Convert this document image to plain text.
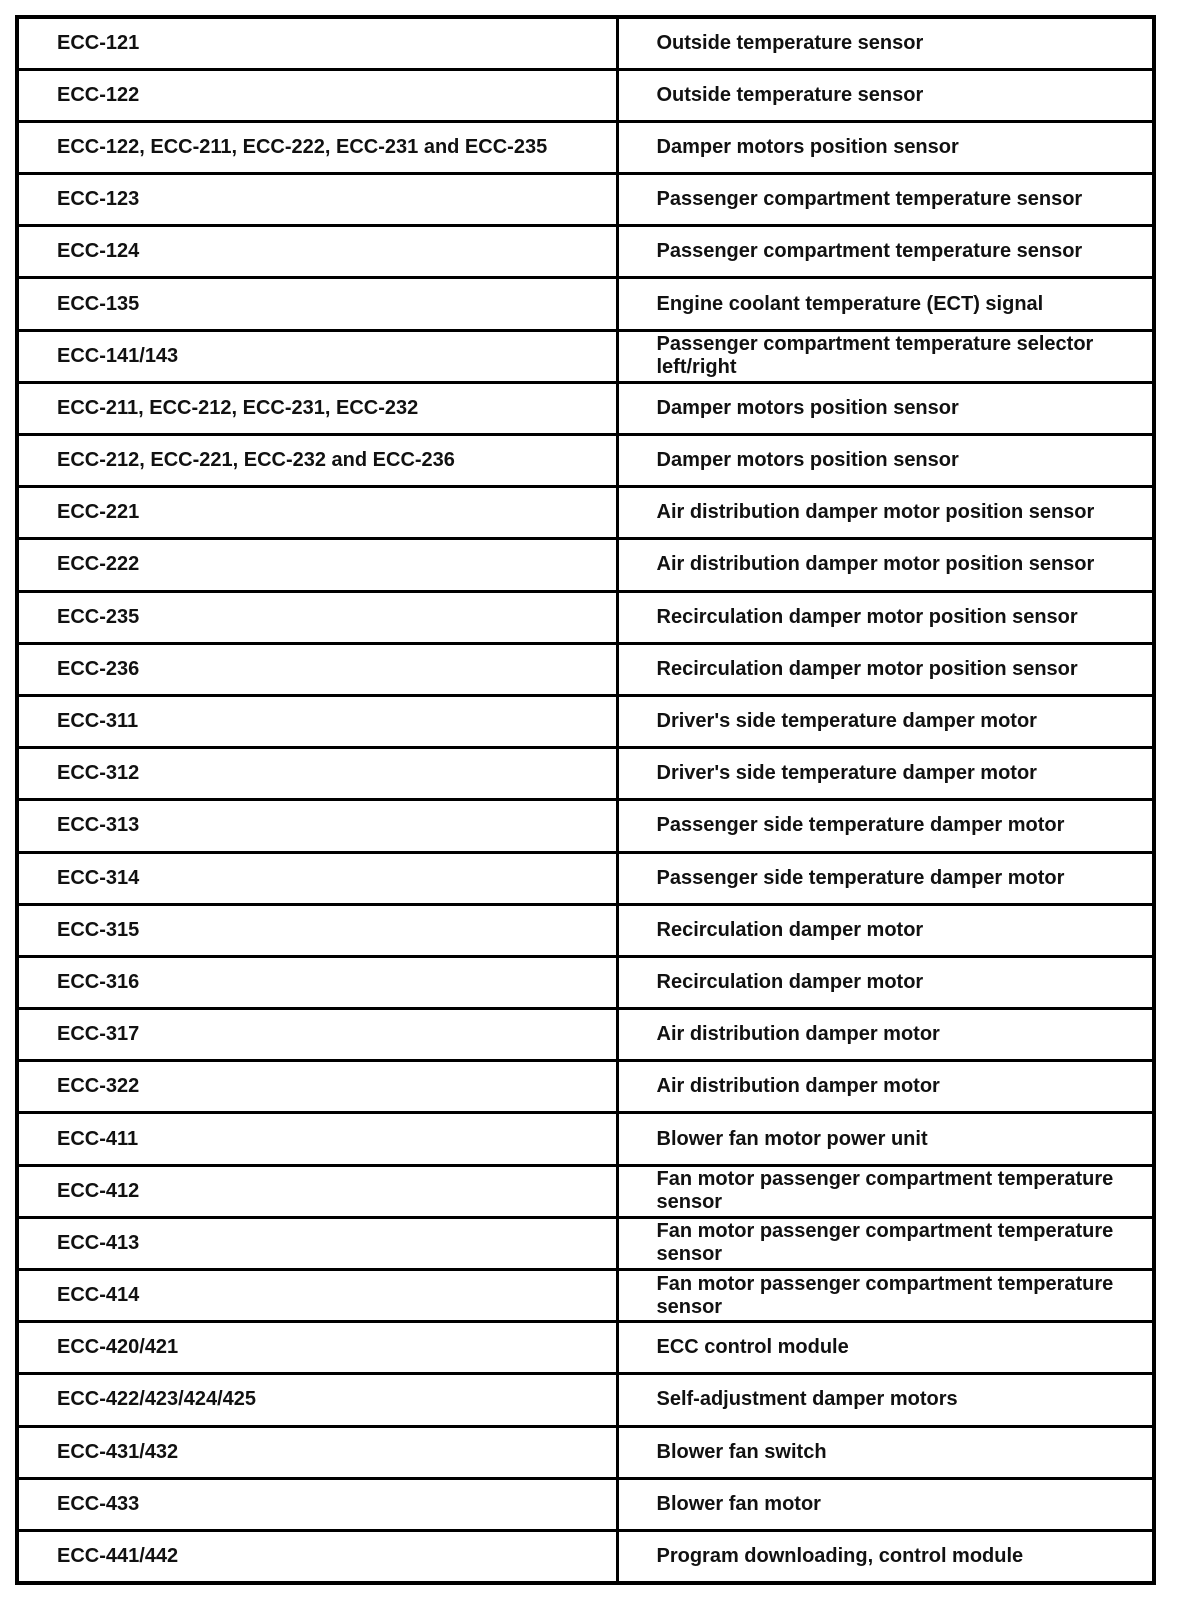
ECC-121	Outside temperature sensor
ECC-122	Outside temperature sensor
ECC-122, ECC-211, ECC-222, ECC-231 and ECC-235	Damper motors position sensor
ECC-123	Passenger compartment temperature sensor
ECC-124	Passenger compartment temperature sensor
ECC-135	Engine coolant temperature (ECT) signal
ECC-141/143	Passenger compartment temperature selector left/right
ECC-211, ECC-212, ECC-231, ECC-232	Damper motors position sensor
ECC-212, ECC-221, ECC-232 and ECC-236	Damper motors position sensor
ECC-221	Air distribution damper motor position sensor
ECC-222	Air distribution damper motor position sensor
ECC-235	Recirculation damper motor position sensor
ECC-236	Recirculation damper motor position sensor
ECC-311	Driver's side temperature damper motor
ECC-312	Driver's side temperature damper motor
ECC-313	Passenger side temperature damper motor
ECC-314	Passenger side temperature damper motor
ECC-315	Recirculation damper motor
ECC-316	Recirculation damper motor
ECC-317	Air distribution damper motor
ECC-322	Air distribution damper motor
ECC-411	Blower fan motor power unit
ECC-412	Fan motor passenger compartment temperature sensor
ECC-413	Fan motor passenger compartment temperature sensor
ECC-414	Fan motor passenger compartment temperature sensor
ECC-420/421	ECC control module
ECC-422/423/424/425	Self-adjustment damper motors
ECC-431/432	Blower fan switch
ECC-433	Blower fan motor
ECC-441/442	Program downloading, control module
